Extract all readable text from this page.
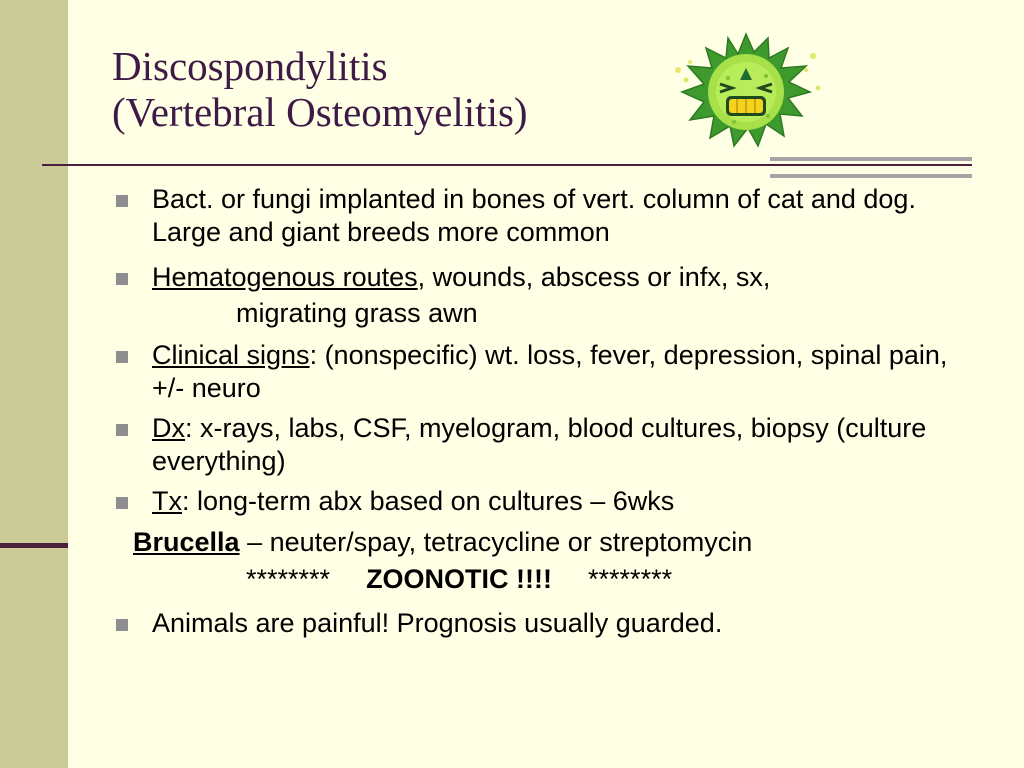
Discospondylitis
(Vertebral Osteomyelitis)
Bact. or fungi implanted in bones of vert. column of cat and dog. Large and giant breeds more common
Hematogenous routes, wounds, abscess or infx, sx,
migrating grass awn
Clinical signs: (nonspecific) wt. loss, fever, depression, spinal pain, +/- neuro
Dx: x-rays, labs, CSF, myelogram, blood cultures, biopsy (culture everything)
Tx: long-term abx based on cultures – 6wks
Brucella – neuter/spay, tetracycline or streptomycin
******** ZOONOTIC !!!! ********
Animals are painful! Prognosis usually guarded.
